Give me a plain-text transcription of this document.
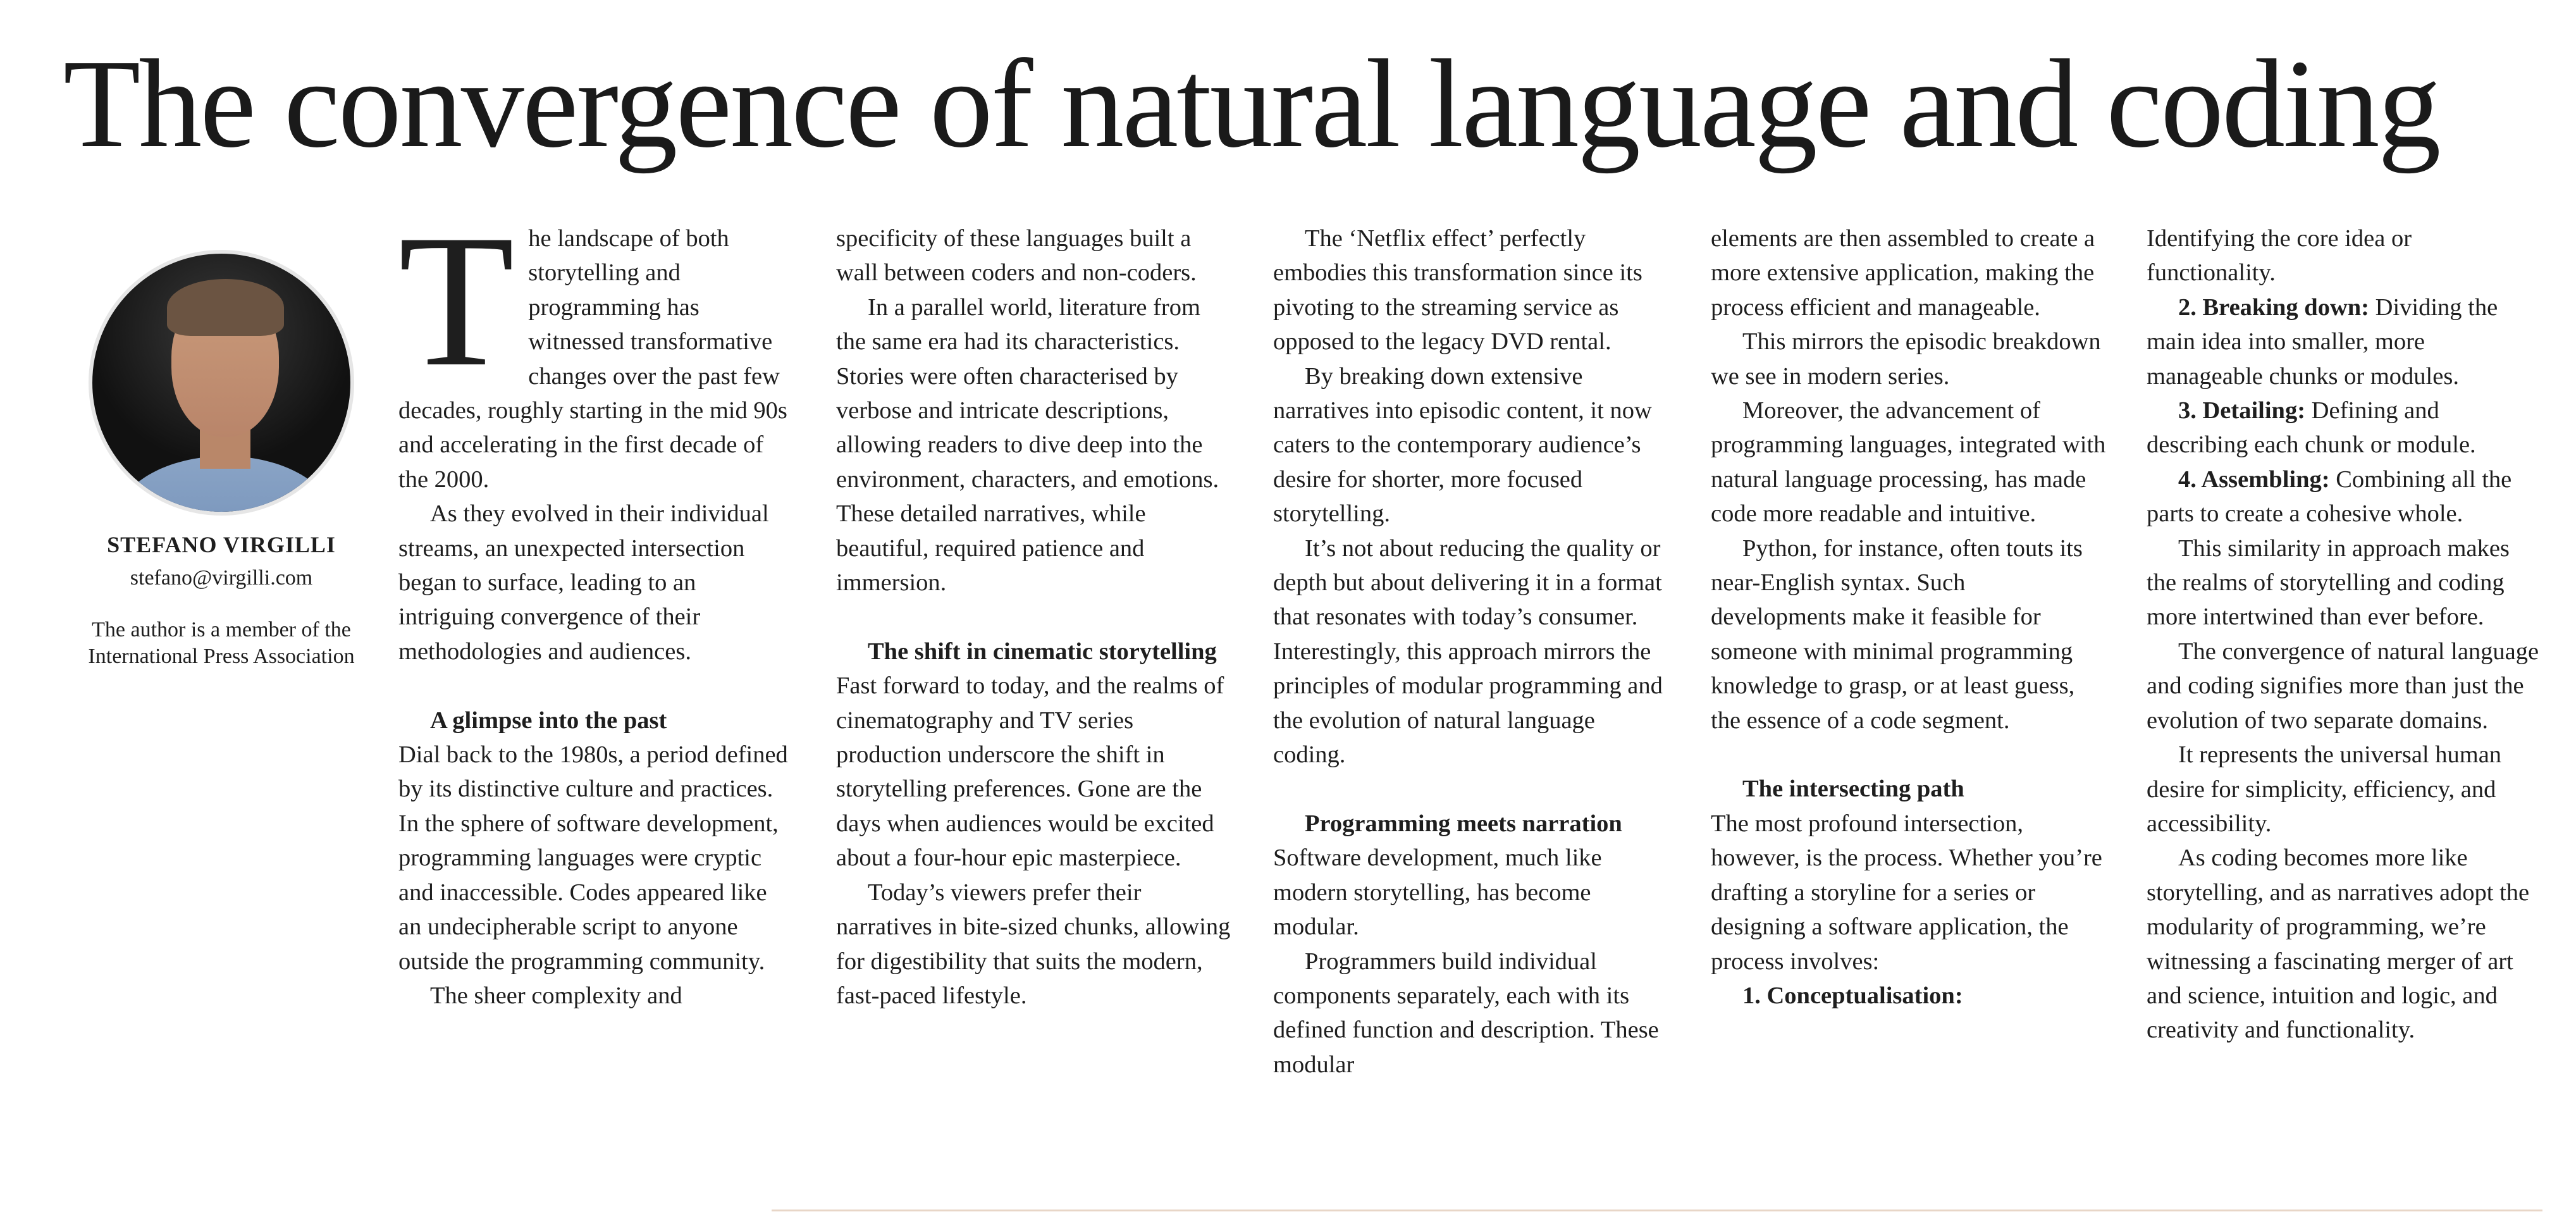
The convergence of natural language and coding
STEFANO VIRGILLI
stefano@virgilli.com
The author is a member of the International Press Association
T he landscape of both storytelling and programming has witnessed transformative changes over the past few decades, roughly starting in the mid 90s and accelerating in the first decade of the 2000.

As they evolved in their individual streams, an unexpected intersection began to surface, leading to an intriguing convergence of their methodologies and audiences.

A glimpse into the past

Dial back to the 1980s, a period defined by its distinctive culture and practices. In the sphere of software development, programming languages were cryptic and inaccessible. Codes appeared like an undecipherable script to anyone outside the programming community.

The sheer complexity and

specificity of these languages built a wall between coders and non-coders.

In a parallel world, literature from the same era had its characteristics. Stories were often characterised by verbose and intricate descriptions, allowing readers to dive deep into the environment, characters, and emotions. These detailed narratives, while beautiful, required patience and immersion.

The shift in cinematic storytelling

Fast forward to today, and the realms of cinematography and TV series production underscore the shift in storytelling preferences. Gone are the days when audiences would be excited about a four-hour epic masterpiece.

Today’s viewers prefer their narratives in bite-sized chunks, allowing for digestibility that suits the modern, fast-paced lifestyle.

The ‘Netflix effect’ perfectly embodies this transformation since its pivoting to the streaming service as opposed to the legacy DVD rental.

By breaking down extensive narratives into episodic content, it now caters to the contemporary audience’s desire for shorter, more focused storytelling.

It’s not about reducing the quality or depth but about delivering it in a format that resonates with today’s consumer. Interestingly, this approach mirrors the principles of modular programming and the evolution of natural language coding.

Programming meets narration

Software development, much like modern storytelling, has become modular.

Programmers build individual components separately, each with its defined function and description. These modular

elements are then assembled to create a more extensive application, making the process efficient and manageable.

This mirrors the episodic breakdown we see in modern series.

Moreover, the advancement of programming languages, integrated with natural language processing, has made code more readable and intuitive.

Python, for instance, often touts its near-English syntax. Such developments make it feasible for someone with minimal programming knowledge to grasp, or at least guess, the essence of a code segment.

The intersecting path

The most profound intersection, however, is the process. Whether you’re drafting a storyline for a series or designing a software application, the process involves:

1. Conceptualisation:

Identifying the core idea or functionality.

2. Breaking down: Dividing the main idea into smaller, more manageable chunks or modules.

3. Detailing: Defining and describing each chunk or module.

4. Assembling: Combining all the parts to create a cohesive whole.

This similarity in approach makes the realms of storytelling and coding more intertwined than ever before.

The convergence of natural language and coding signifies more than just the evolution of two separate domains.

It represents the universal human desire for simplicity, efficiency, and accessibility.

As coding becomes more like storytelling, and as narratives adopt the modularity of programming, we’re witnessing a fascinating merger of art and science, intuition and logic, and creativity and functionality.
